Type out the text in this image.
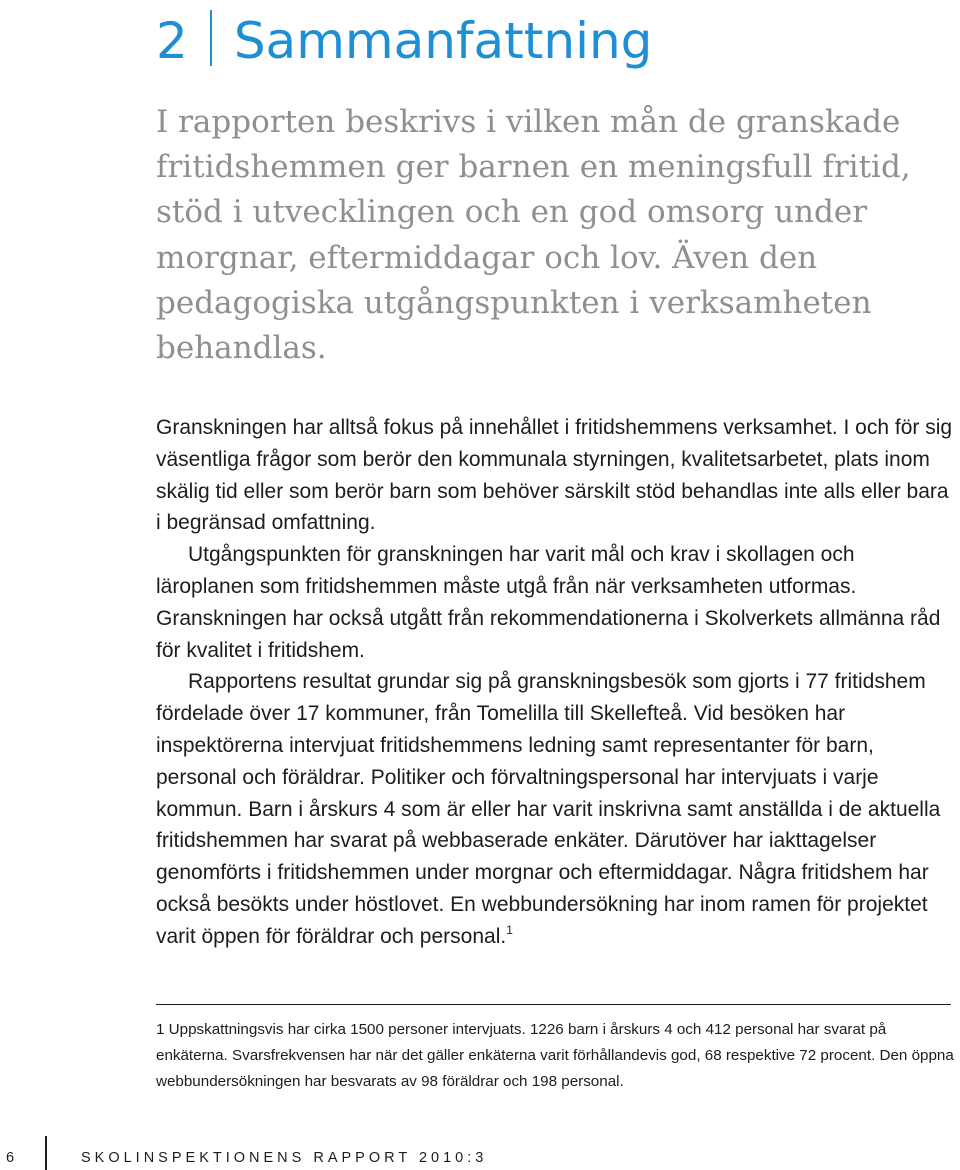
2 Sammanfattning

I rapporten beskrivs i vilken mån de granskade fritidshemmen ger barnen en meningsfull fritid, stöd i utvecklingen och en god omsorg under morgnar, eftermiddagar och lov. Även den pedagogiska utgångspunkten i verksamheten behandlas.

Granskningen har alltså fokus på innehållet i fritidshemmens verksamhet. I och för sig väsentliga frågor som berör den kommunala styrningen, kvalitetsarbetet, plats inom skälig tid eller som berör barn som behöver särskilt stöd behandlas inte alls eller bara i begränsad omfattning.

Utgångspunkten för granskningen har varit mål och krav i skollagen och läroplanen som fritidshemmen måste utgå från när verksamheten utformas. Granskningen har också utgått från rekommendationerna i Skolverkets allmänna råd för kvalitet i fritidshem.

Rapportens resultat grundar sig på granskningsbesök som gjorts i 77 fritidshem fördelade över 17 kommuner, från Tomelilla till Skellefteå. Vid besöken har inspektörerna intervjuat fritidshemmens ledning samt representanter för barn, personal och föräldrar. Politiker och förvaltningspersonal har intervjuats i varje kommun. Barn i årskurs 4 som är eller har varit inskrivna samt anställda i de aktuella fritidshemmen har svarat på webbaserade enkäter. Därutöver har iakttagelser genomförts i fritidshemmen under morgnar och eftermiddagar. Några fritidshem har också besökts under höstlovet. En webbundersökning har inom ramen för projektet varit öppen för föräldrar och personal.$^1$

1 Uppskattningsvis har cirka 1500 personer intervjuats. 1226 barn i årskurs 4 och 412 personal har svarat på enkäterna. Svarsfrekvensen har när det gäller enkäterna varit förhållandevis god, 68 respektive 72 procent. Den öppna webbundersökningen har besvarats av 98 föräldrar och 198 personal.

6	SKOLINSPEKTIONENS RAPPORT 2010:3
